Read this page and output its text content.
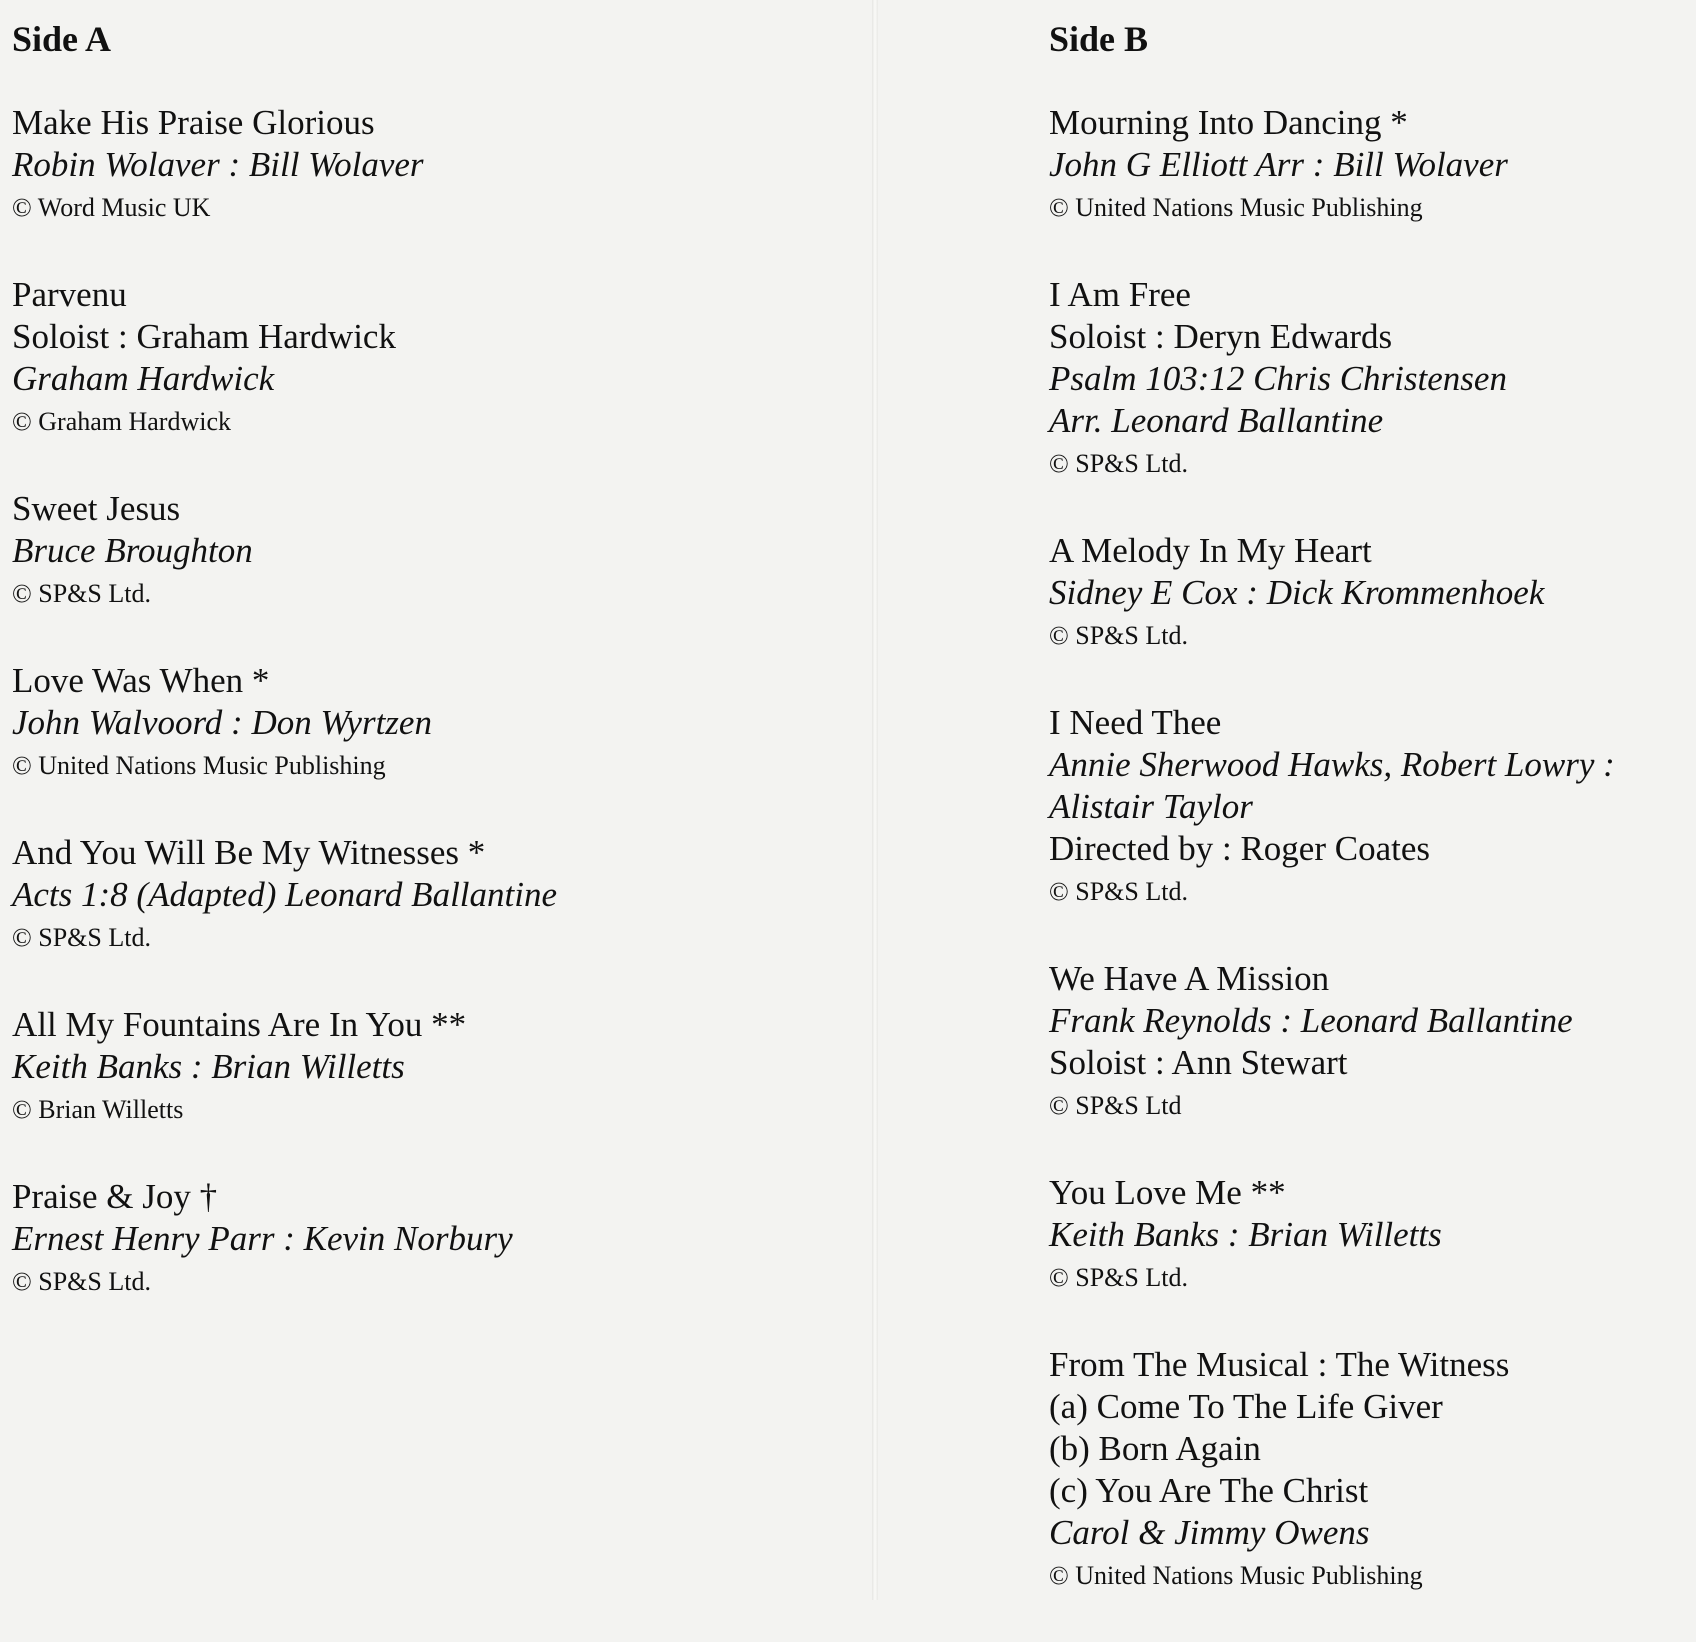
Side A
Make His Praise Glorious
Robin Wolaver : Bill Wolaver
© Word Music UK
Parvenu
Soloist : Graham Hardwick
Graham Hardwick
© Graham Hardwick
Sweet Jesus
Bruce Broughton
© SP&S Ltd.
Love Was When *
John Walvoord : Don Wyrtzen
© United Nations Music Publishing
And You Will Be My Witnesses *
Acts 1:8 (Adapted) Leonard Ballantine
© SP&S Ltd.
All My Fountains Are In You **
Keith Banks : Brian Willetts
© Brian Willetts
Praise & Joy †
Ernest Henry Parr : Kevin Norbury
© SP&S Ltd.
Side B
Mourning Into Dancing *
John G Elliott Arr : Bill Wolaver
© United Nations Music Publishing
I Am Free
Soloist : Deryn Edwards
Psalm 103:12 Chris Christensen
Arr. Leonard Ballantine
© SP&S Ltd.
A Melody In My Heart
Sidney E Cox : Dick Krommenhoek
© SP&S Ltd.
I Need Thee
Annie Sherwood Hawks, Robert Lowry :
Alistair Taylor
Directed by : Roger Coates
© SP&S Ltd.
We Have A Mission
Frank Reynolds : Leonard Ballantine
Soloist : Ann Stewart
© SP&S Ltd
You Love Me **
Keith Banks : Brian Willetts
© SP&S Ltd.
From The Musical : The Witness
(a) Come To The Life Giver
(b) Born Again
(c) You Are The Christ
Carol & Jimmy Owens
© United Nations Music Publishing
